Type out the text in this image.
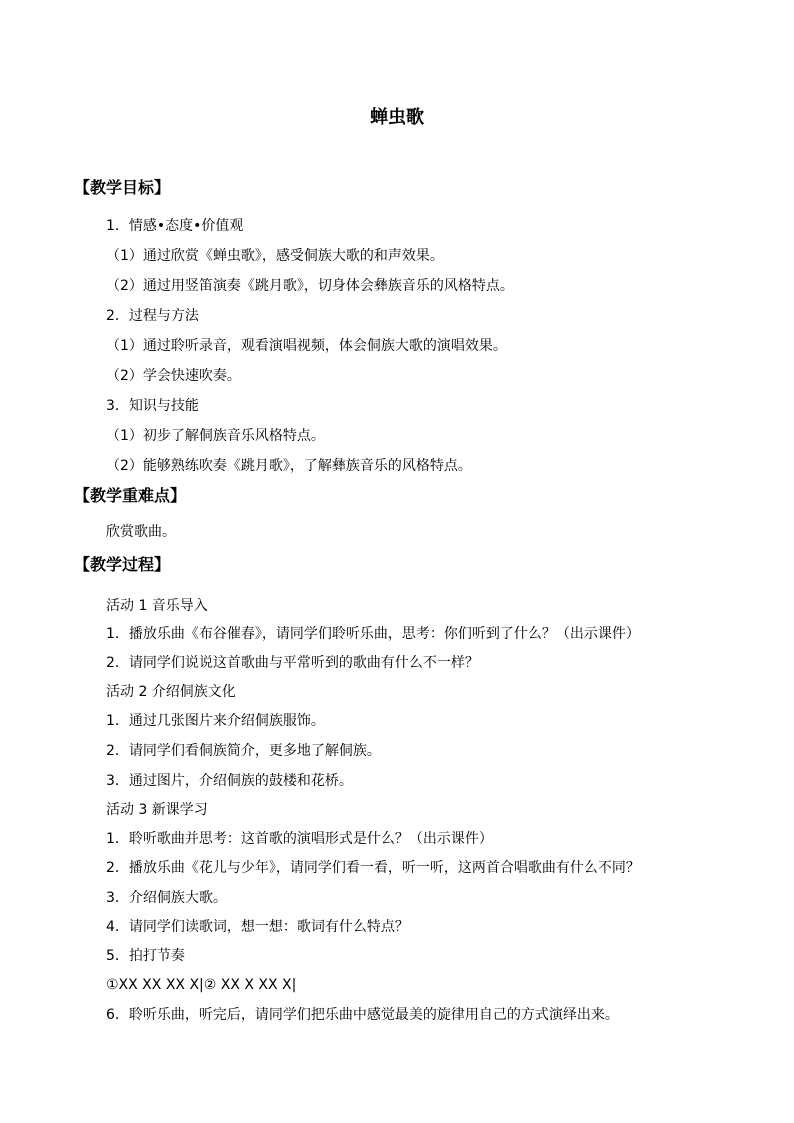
蝉虫歌
【教学目标】
1．情感•态度•价值观
（1）通过欣赏《蝉虫歌》，感受侗族大歌的和声效果。
（2）通过用竖笛演奏《跳月歌》，切身体会彝族音乐的风格特点。
2．过程与方法
（1）通过聆听录音，观看演唱视频，体会侗族大歌的演唱效果。
（2）学会快速吹奏。
3．知识与技能
（1）初步了解侗族音乐风格特点。
（2）能够熟练吹奏《跳月歌》，了解彝族音乐的风格特点。
【教学重难点】
欣赏歌曲。
【教学过程】
活动 1 音乐导入
1．播放乐曲《布谷催春》，请同学们聆听乐曲，思考：你们听到了什么？（出示课件）
2．请同学们说说这首歌曲与平常听到的歌曲有什么不一样？
活动 2 介绍侗族文化
1．通过几张图片来介绍侗族服饰。
2．请同学们看侗族简介，更多地了解侗族。
3．通过图片，介绍侗族的鼓楼和花桥。
活动 3 新课学习
1．聆听歌曲并思考：这首歌的演唱形式是什么？（出示课件）
2．播放乐曲《花儿与少年》，请同学们看一看，听一听，这两首合唱歌曲有什么不同？
3．介绍侗族大歌。
4．请同学们读歌词，想一想：歌词有什么特点？
5．拍打节奏
①XX XX XX X|② XX X XX X|
6．聆听乐曲，听完后，请同学们把乐曲中感觉最美的旋律用自己的方式演绎出来。
